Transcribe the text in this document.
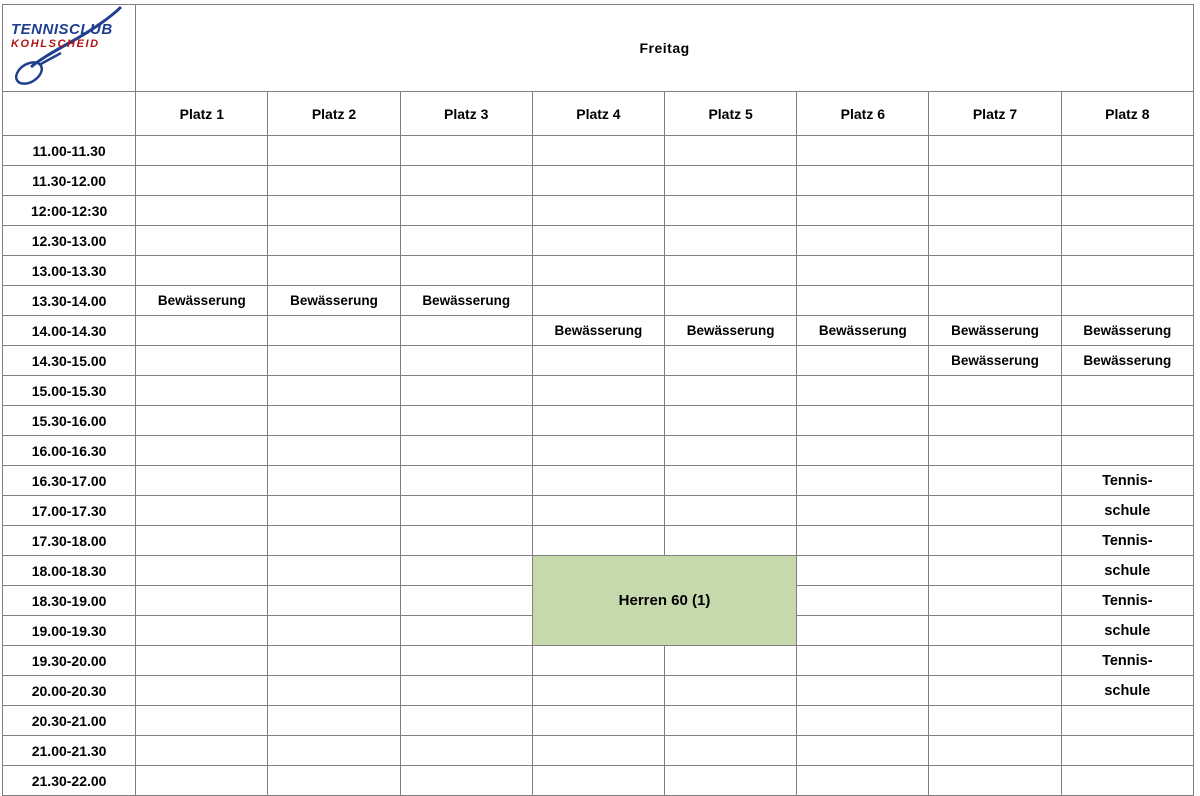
TENNISCLUB
KOHLSCHEID	Freitag							
	Platz 1	Platz 2	Platz 3	Platz 4	Platz 5	Platz 6	Platz 7	Platz 8
11.00-11.30								
11.30-12.00								
12:00-12:30								
12.30-13.00								
13.00-13.30								
13.30-14.00	Bewässerung	Bewässerung	Bewässerung					
14.00-14.30				Bewässerung	Bewässerung	Bewässerung	Bewässerung	Bewässerung
14.30-15.00							Bewässerung	Bewässerung
15.00-15.30								
15.30-16.00								
16.00-16.30								
16.30-17.00								Tennis-
17.00-17.30								schule
17.30-18.00								Tennis-
18.00-18.30				Herren 60 (1)				schule
18.30-19.00								Tennis-
19.00-19.30								schule
19.30-20.00								Tennis-
20.00-20.30								schule
20.30-21.00								
21.00-21.30								
21.30-22.00								
